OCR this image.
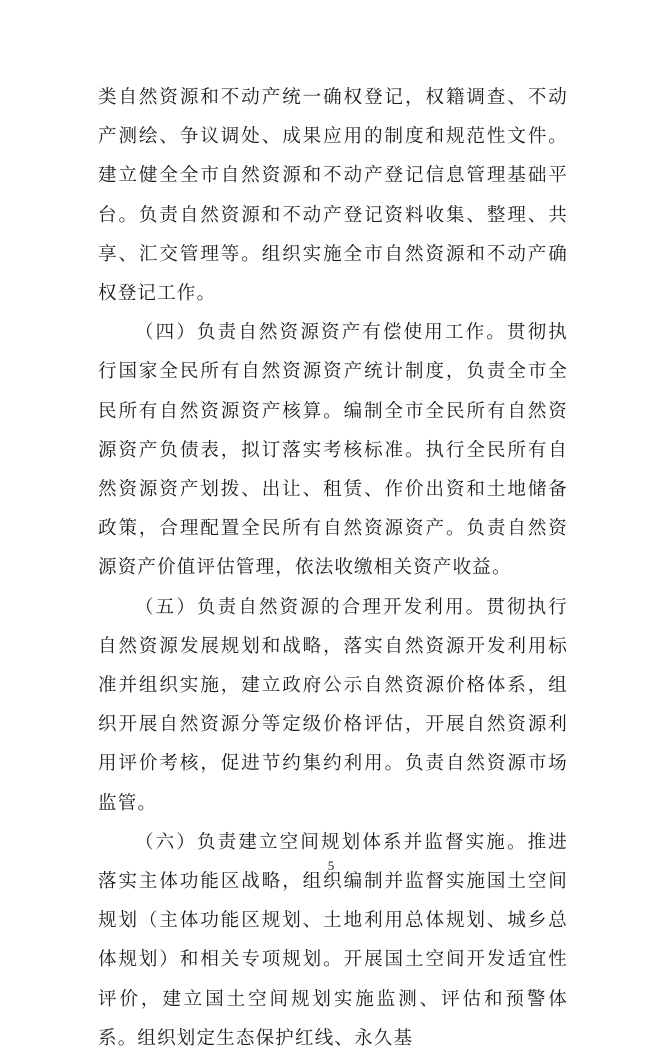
类自然资源和不动产统一确权登记，权籍调查、不动产测绘、争议调处、成果应用的制度和规范性文件。建立健全全市自然资源和不动产登记信息管理基础平台。负责自然资源和不动产登记资料收集、整理、共享、汇交管理等。组织实施全市自然资源和不动产确权登记工作。

（四）负责自然资源资产有偿使用工作。贯彻执行国家全民所有自然资源资产统计制度，负责全市全民所有自然资源资产核算。编制全市全民所有自然资源资产负债表，拟订落实考核标准。执行全民所有自然资源资产划拨、出让、租赁、作价出资和土地储备政策，合理配置全民所有自然资源资产。负责自然资源资产价值评估管理，依法收缴相关资产收益。

（五）负责自然资源的合理开发利用。贯彻执行自然资源发展规划和战略，落实自然资源开发利用标准并组织实施，建立政府公示自然资源价格体系，组织开展自然资源分等定级价格评估，开展自然资源利用评价考核，促进节约集约利用。负责自然资源市场监管。

（六）负责建立空间规划体系并监督实施。推进落实主体功能区战略，组织编制并监督实施国土空间规划（主体功能区规划、土地利用总体规划、城乡总体规划）和相关专项规划。开展国土空间开发适宜性评价，建立国土空间规划实施监测、评估和预警体系。组织划定生态保护红线、永久基

5
